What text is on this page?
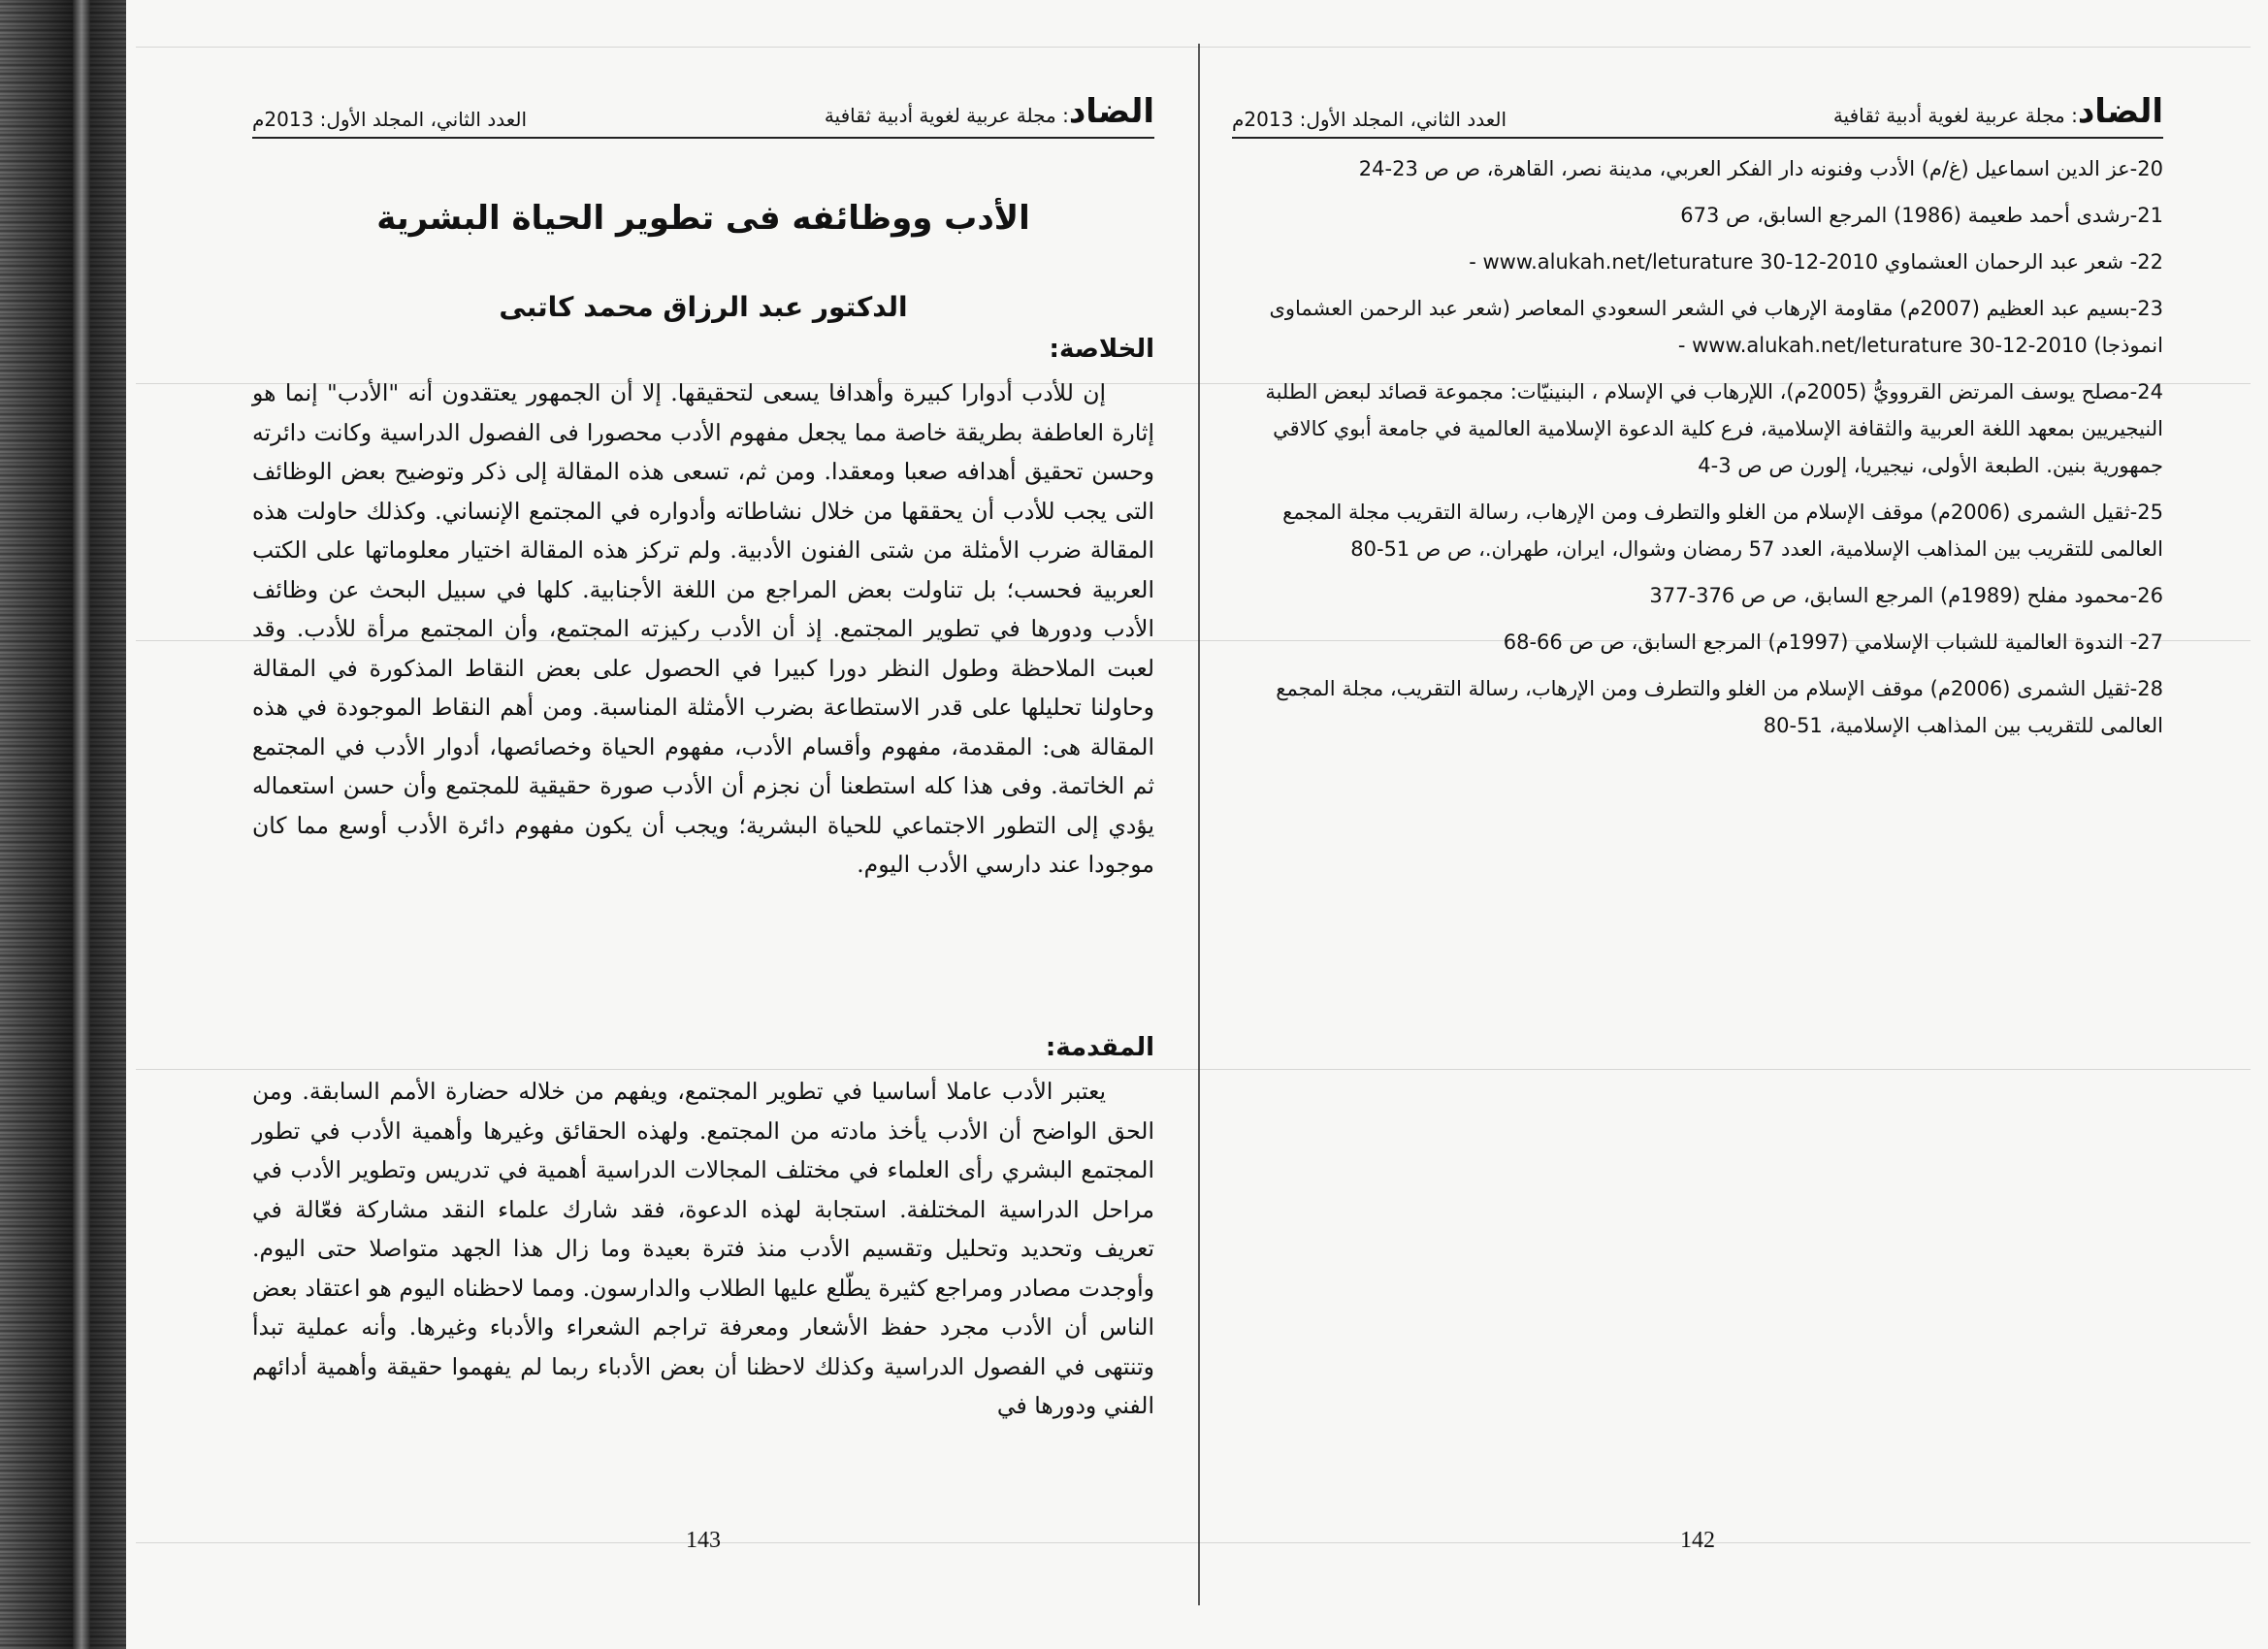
الضاد: مجلة عربية لغوية أدبية ثقافية
العدد الثاني، المجلد الأول: 2013م
الأدب ووظائفه فى تطوير الحياة البشرية
الدكتور عبد الرزاق محمد كاتبى
الخلاصة:
إن للأدب أدوارا كبيرة وأهدافا يسعى لتحقيقها. إلا أن الجمهور يعتقدون أنه "الأدب" إنما هو إثارة العاطفة بطريقة خاصة مما يجعل مفهوم الأدب محصورا فى الفصول الدراسية وكانت دائرته وحسن تحقيق أهدافه صعبا ومعقدا. ومن ثم، تسعى هذه المقالة إلى ذكر وتوضيح بعض الوظائف التى يجب للأدب أن يحققها من خلال نشاطاته وأدواره في المجتمع الإنساني. وكذلك حاولت هذه المقالة ضرب الأمثلة من شتى الفنون الأدبية. ولم تركز هذه المقالة اختيار معلوماتها على الكتب العربية فحسب؛ بل تناولت بعض المراجع من اللغة الأجنابية. كلها في سبيل البحث عن وظائف الأدب ودورها في تطوير المجتمع. إذ أن الأدب ركيزته المجتمع، وأن المجتمع مرأة للأدب. وقد لعبت الملاحظة وطول النظر دورا كبيرا في الحصول على بعض النقاط المذكورة في المقالة وحاولنا تحليلها على قدر الاستطاعة بضرب الأمثلة المناسبة. ومن أهم النقاط الموجودة في هذه المقالة هى: المقدمة، مفهوم وأقسام الأدب، مفهوم الحياة وخصائصها، أدوار الأدب في المجتمع ثم الخاتمة. وفى هذا كله استطعنا أن نجزم أن الأدب صورة حقيقية للمجتمع وأن حسن استعماله يؤدي إلى التطور الاجتماعي للحياة البشرية؛ ويجب أن يكون مفهوم دائرة الأدب أوسع مما كان موجودا عند دارسي الأدب اليوم.
المقدمة:
يعتبر الأدب عاملا أساسيا في تطوير المجتمع، ويفهم من خلاله حضارة الأمم السابقة. ومن الحق الواضح أن الأدب يأخذ مادته من المجتمع. ولهذه الحقائق وغيرها وأهمية الأدب في تطور المجتمع البشري رأى العلماء في مختلف المجالات الدراسية أهمية في تدريس وتطوير الأدب في مراحل الدراسية المختلفة. استجابة لهذه الدعوة، فقد شارك علماء النقد مشاركة فعّالة في تعريف وتحديد وتحليل وتقسيم الأدب منذ فترة بعيدة وما زال هذا الجهد متواصلا حتى اليوم. وأوجدت مصادر ومراجع كثيرة يطّلع عليها الطلاب والدارسون. ومما لاحظناه اليوم هو اعتقاد بعض الناس أن الأدب مجرد حفظ الأشعار ومعرفة تراجم الشعراء والأدباء وغيرها. وأنه عملية تبدأ وتنتهى في الفصول الدراسية وكذلك لاحظنا أن بعض الأدباء ربما لم يفهموا حقيقة وأهمية أدائهم الفني ودورها في
143
الضاد: مجلة عربية لغوية أدبية ثقافية
العدد الثاني، المجلد الأول: 2013م
20-عز الدين اسماعيل (غ/م) الأدب وفنونه دار الفكر العربي، مدينة نصر، القاهرة، ص ص 23-24
21-رشدى أحمد طعيمة (1986) المرجع السابق، ص 673
22- شعر عبد الرحمان العشماوي www.alukah.net/leturature 30-12-2010 -
23-بسيم عبد العظيم (2007م) مقاومة الإرهاب في الشعر السعودي المعاصر (شعر عبد الرحمن العشماوى انموذجا) www.alukah.net/leturature 30-12-2010 -
24-مصلح يوسف المرتض القروويُّ (2005م)، اللإرهاب في الإسلام ، البنينيّات: مجموعة قصائد لبعض الطلبة النيجيريين بمعهد اللغة العربية والثقافة الإسلامية، فرع كلية الدعوة الإسلامية العالمية في جامعة أبوي كالاقي جمهورية بنين. الطبعة الأولى، نيجيريا، إلورن ص ص 3-4
25-ثقيل الشمرى (2006م) موقف الإسلام من الغلو والتطرف ومن الإرهاب، رسالة التقريب مجلة المجمع العالمى للتقريب بين المذاهب الإسلامية، العدد 57 رمضان وشوال، ايران، طهران.، ص ص 51-80
26-محمود مفلح (1989م) المرجع السابق، ص ص 376-377
27- الندوة العالمية للشباب الإسلامي (1997م) المرجع السابق، ص ص 66-68
28-ثقيل الشمرى (2006م) موقف الإسلام من الغلو والتطرف ومن الإرهاب، رسالة التقريب، مجلة المجمع العالمى للتقريب بين المذاهب الإسلامية، 51-80
142
